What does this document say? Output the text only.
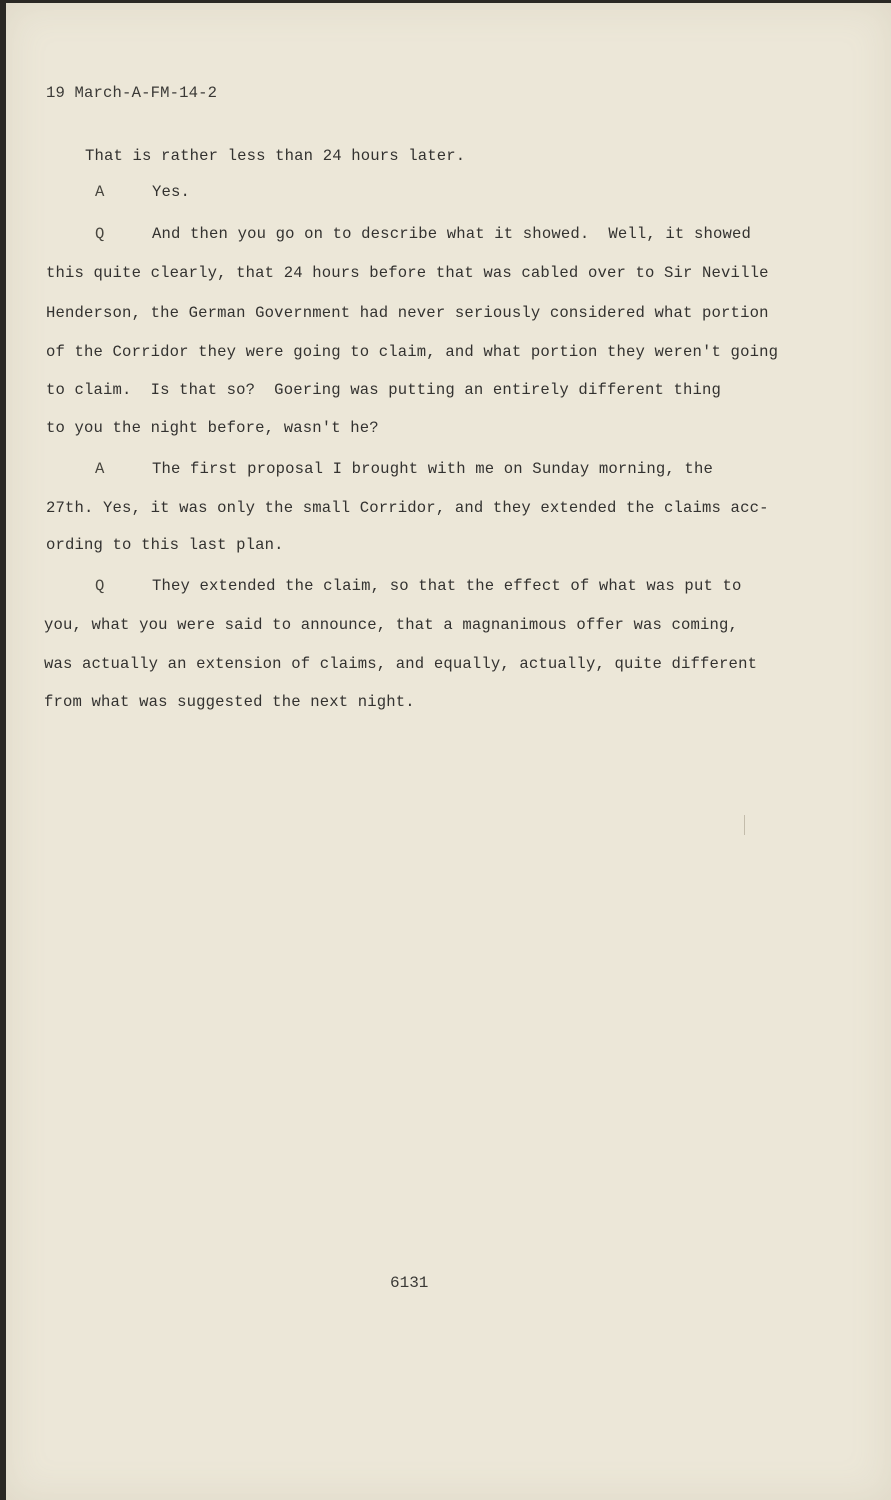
19 March-A-FM-14-2
That is rather less than 24 hours later.
A	Yes.
Q	And then you go on to describe what it showed.  Well, it showed
this quite clearly, that 24 hours before that was cabled over to Sir Neville
Henderson, the German Government had never seriously considered what portion
of the Corridor they were going to claim, and what portion they weren't going
to claim.  Is that so?  Goering was putting an entirely different thing
to you the night before, wasn't he?
A	The first proposal I brought with me on Sunday morning, the
27th. Yes, it was only the small Corridor, and they extended the claims acc-
ording to this last plan.
Q	They extended the claim, so that the effect of what was put to
you, what you were said to announce, that a magnanimous offer was coming,
was actually an extension of claims, and equally, actually, quite different
from what was suggested the next night.
6131
